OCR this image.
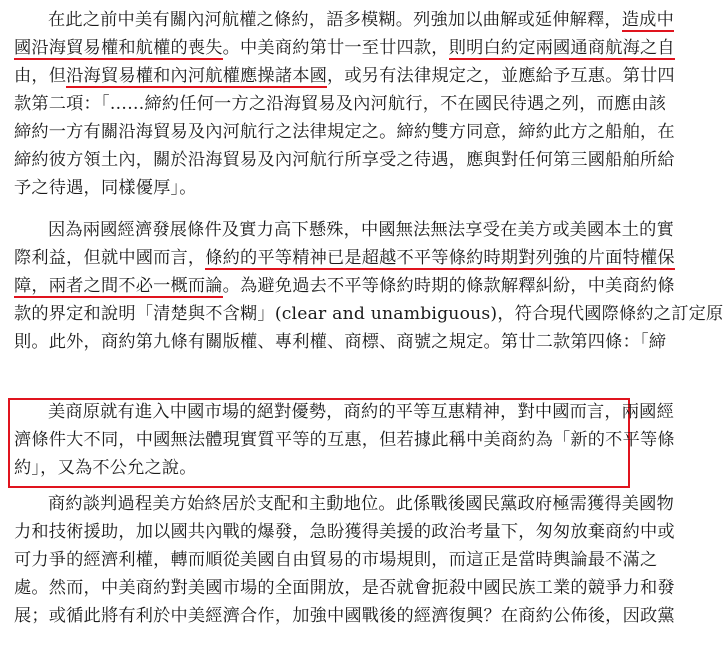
在此之前中美有關內河航權之條約，語多模糊。列強加以曲解或延伸解釋，造成中
國沿海貿易權和航權的喪失。中美商約第廿一至廿四款，則明白約定兩國通商航海之自
由，但沿海貿易權和內河航權應操諸本國，或另有法律規定之，並應給予互惠。第廿四
款第二項：「……締約任何一方之沿海貿易及內河航行，不在國民待遇之列，而應由該
締約一方有關沿海貿易及內河航行之法律規定之。締約雙方同意，締約此方之船舶，在
締約彼方領土內，關於沿海貿易及內河航行所享受之待遇，應與對任何第三國船舶所給
予之待遇，同樣優厚」。
因為兩國經濟發展條件及實力高下懸殊，中國無法無法享受在美方或美國本土的實
際利益，但就中國而言，條約的平等精神已是超越不平等條約時期對列強的片面特權保
障，兩者之間不必一概而論。為避免過去不平等條約時期的條款解釋糾紛，中美商約條
款的界定和說明「清楚與不含糊」(clear and unambiguous)，符合現代國際條約之訂定原
則。此外，商約第九條有關版權、專利權、商標、商號之規定。第廿二款第四條：「締
美商原就有進入中國市場的絕對優勢，商約的平等互惠精神，對中國而言，兩國經
濟條件大不同，中國無法體現實質平等的互惠，但若據此稱中美商約為「新的不平等條
約」，又為不公允之說。
商約談判過程美方始終居於支配和主動地位。此係戰後國民黨政府極需獲得美國物
力和技術援助，加以國共內戰的爆發，急盼獲得美援的政治考量下，匆匆放棄商約中或
可力爭的經濟利權，轉而順從美國自由貿易的市場規則，而這正是當時輿論最不滿之
處。然而，中美商約對美國市場的全面開放，是否就會扼殺中國民族工業的競爭力和發
展；或循此將有利於中美經濟合作，加強中國戰後的經濟復興？在商約公佈後，因政黨
